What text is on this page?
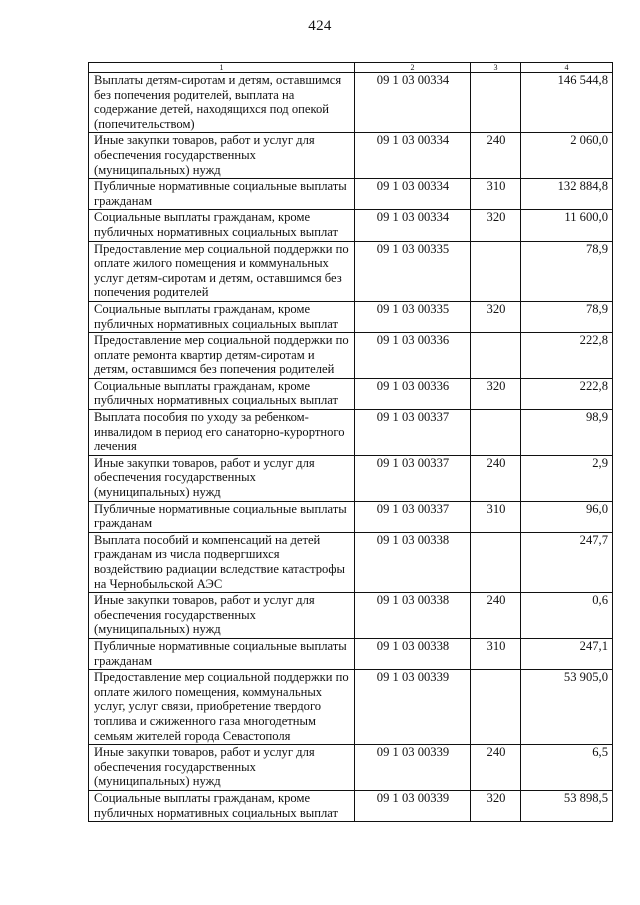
424
1	2	3	4
Выплаты детям-сиротам и детям, оставшимся без попечения родителей, выплата на содержание детей, находящихся под опекой (попечительством)	09 1 03 00334		146 544,8
Иные закупки товаров, работ и услуг для обеспечения государственных (муниципальных) нужд	09 1 03 00334	240	2 060,0
Публичные нормативные социальные выплаты гражданам	09 1 03 00334	310	132 884,8
Социальные выплаты гражданам, кроме публичных нормативных социальных выплат	09 1 03 00334	320	11 600,0
Предоставление мер социальной поддержки по оплате жилого помещения и коммунальных услуг детям-сиротам и детям, оставшимся без попечения родителей	09 1 03 00335		78,9
Социальные выплаты гражданам, кроме публичных нормативных социальных выплат	09 1 03 00335	320	78,9
Предоставление мер социальной поддержки по оплате ремонта квартир детям-сиротам и детям, оставшимся без попечения родителей	09 1 03 00336		222,8
Социальные выплаты гражданам, кроме публичных нормативных социальных выплат	09 1 03 00336	320	222,8
Выплата пособия по уходу за ребенком-инвалидом в период его санаторно-курортного лечения	09 1 03 00337		98,9
Иные закупки товаров, работ и услуг для обеспечения государственных (муниципальных) нужд	09 1 03 00337	240	2,9
Публичные нормативные социальные выплаты гражданам	09 1 03 00337	310	96,0
Выплата пособий и компенсаций на детей гражданам из числа подвергшихся воздействию радиации вследствие катастрофы на Чернобыльской АЭС	09 1 03 00338		247,7
Иные закупки товаров, работ и услуг для обеспечения государственных (муниципальных) нужд	09 1 03 00338	240	0,6
Публичные нормативные социальные выплаты гражданам	09 1 03 00338	310	247,1
Предоставление мер социальной поддержки по оплате жилого помещения, коммунальных услуг, услуг связи, приобретение твердого топлива и сжиженного газа многодетным семьям жителей города Севастополя	09 1 03 00339		53 905,0
Иные закупки товаров, работ и услуг для обеспечения государственных (муниципальных) нужд	09 1 03 00339	240	6,5
Социальные выплаты гражданам, кроме публичных нормативных социальных выплат	09 1 03 00339	320	53 898,5
